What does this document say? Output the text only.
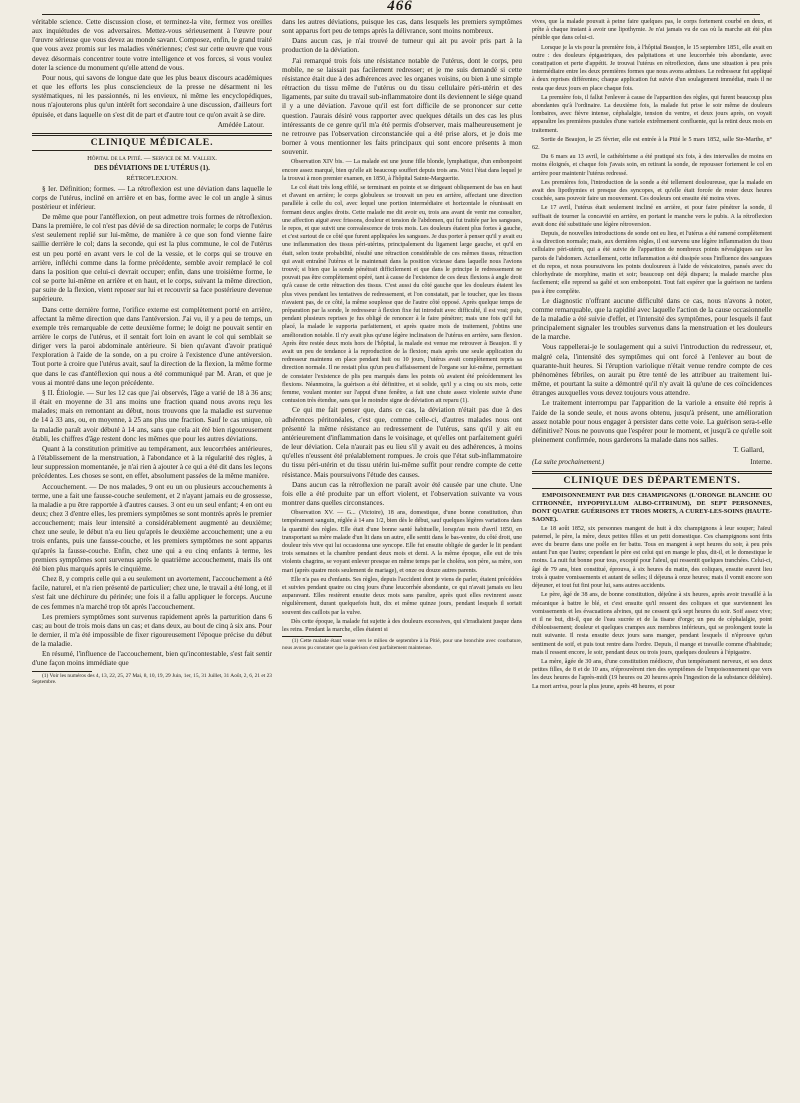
466

véritable science. Cette discussion close, et terminez-la vite, fermez vos oreilles aux inquiétudes de vos adversaires. Mettez-vous sérieusement à l'œuvre pour l'œuvre sérieuse que vous devez au monde savant. Composez, enfin, le grand traité que vous avez promis sur les maladies vénériennes; c'est sur cette œuvre que vous devez désormais concentrer toute votre intelligence et vos forces, si vous voulez doter la science du monument qu'elle attend de vous.

Pour nous, qui savons de longue date que les plus beaux discours académiques et que les efforts les plus consciencieux de la presse ne désarment ni les systématiques, ni les passionnés, ni les envieux, ni même les encyclopédiques, nous n'ajouterons plus qu'un intérêt fort secondaire à une discussion, d'ailleurs fort épuisée, et dans laquelle on s'est dit de part et d'autre tout ce qu'on avait à se dire.

Amédée Latour.
CLINIQUE MÉDICALE.
Hôpital de la Pitié. — Service de M. Valleix.
DES DÉVIATIONS DE L'UTÉRUS (1).
RÉTROFLEXION.

§ Ier. Définition; formes. — La rétroflexion est une déviation dans laquelle le corps de l'utérus, incliné en arrière et en bas, forme avec le col un angle à sinus postérieur et inférieur.

De même que pour l'antéflexion, on peut admettre trois formes de rétroflexion. Dans la première, le col n'est pas dévié de sa direction normale; le corps de l'utérus s'est seulement replié sur lui-même, de manière à ce que son fond vienne faire saillie derrière le col; dans la seconde, qui est la plus commune, le col de l'utérus est un peu porté en avant vers le col de la vessie, et le corps qui se trouve en arrière, infléchi comme dans la forme précédente, semble avoir remplacé le col dans la position que celui-ci devrait occuper; enfin, dans une troisième forme, le col se porte lui-même en arrière et en haut, et le corps, suivant la même direction, par suite de la flexion, vient reposer sur lui et recouvrir sa face postérieure devenue supérieure.

Dans cette dernière forme, l'orifice externe est complètement porté en arrière, affectant la même direction que dans l'antéversion. J'ai vu, il y a peu de temps, un exemple très remarquable de cette deuxième forme; le doigt ne pouvait sentir en arrière le corps de l'utérus, et il sentait fort loin en avant le col qui semblait se diriger vers la paroi abdominale antérieure. Si bien qu'avant d'avoir pratiqué l'exploration à l'aide de la sonde, on a pu croire à l'existence d'une antéversion. Tout porte à croire que l'utérus avait, sauf la direction de la flexion, la même forme que dans le cas d'antéflexion qui nous a été communiqué par M. Aran, et que je vous ai montré dans une leçon précédente.

§ II. Étiologie. — Sur les 12 cas que j'ai observés, l'âge a varié de 18 à 36 ans; il était en moyenne de 31 ans moins une fraction quand nous avons reçu les malades; mais en remontant au début, nous trouvons que la maladie est survenue de 14 à 33 ans, ou, en moyenne, à 25 ans plus une fraction. Sauf le cas unique, où la maladie paraît avoir débuté à 14 ans, sans que cela ait été bien rigoureusement établi, les chiffres d'âge restent donc les mêmes que pour les autres déviations.

Quant à la constitution primitive au tempérament, aux leucorrhées antérieures, à l'établissement de la menstruation, à l'abondance et à la régularité des règles, à leur suppression momentanée, je n'ai rien à ajouter à ce qui a été dit dans les leçons précédentes. Les choses se sont, en effet, absolument passées de la même manière.

Accouchement. — De nos malades, 9 ont eu un ou plusieurs accouchements à terme, une a fait une fausse-couche seulement, et 2 n'ayant jamais eu de grossesse, la maladie a pu être rapportée à d'autres causes. 3 ont eu un seul enfant; 4 en ont eu deux; chez 3 d'entre elles, les premiers symptômes se sont montrés après le premier accouchement; mais leur intensité a considérablement augmenté au deuxième; chez une seule, le début n'a eu lieu qu'après le deuxième accouchement; une a eu trois enfants, puis une fausse-couche, et les premiers symptômes ne sont apparus qu'après la fausse-couche. Enfin, chez une qui a eu cinq enfants à terme, les premiers symptômes sont survenus après le quatrième accouchement, mais ils ont été bien plus marqués après le cinquième.

Chez 8, y compris celle qui a eu seulement un avortement, l'accouchement a été facile, naturel, et n'a rien présenté de particulier; chez une, le travail a été long, et il s'est fait une déchirure du périnée; une fois il a fallu appliquer le forceps. Aucune de ces femmes n'a marché trop tôt après l'accouchement.

Les premiers symptômes sont survenus rapidement après la parturition dans 6 cas; au bout de trois mois dans un cas; et dans deux, au bout de cinq à six ans. Pour le dernier, il m'a été impossible de fixer rigoureusement l'époque précise du début de la maladie.

En résumé, l'influence de l'accouchement, bien qu'incontestable, s'est fait sentir d'une façon moins immédiate que

(1) Voir les numéros des 4, 13, 22, 25, 27 Mai, 8, 10, 19, 29 Juin, 1er, 15, 31 Juillet, 31 Août, 2, 6, 21 et 23 Septembre.

dans les autres déviations, puisque les cas, dans lesquels les premiers symptômes sont apparus fort peu de temps après la délivrance, sont moins nombreux.

Dans aucun cas, je n'ai trouvé de tumeur qui ait pu avoir pris part à la production de la déviation.

J'ai remarqué trois fois une résistance notable de l'utérus, dont le corps, peu mobile, ne se laissait pas facilement redresser; et je me suis demandé si cette résistance était due à des adhérences avec les organes voisins, ou bien à une simple rétraction du tissu même de l'utérus ou du tissu cellulaire péri-utérin et des ligaments, par suite du travail sub-inflammatoire dont ils deviennent le siége quand il y a une déviation. J'avoue qu'il est fort difficile de se prononcer sur cette question. J'aurais désiré vous rapporter avec quelques détails un des cas les plus intéressants de ce genre qu'il m'a été permis d'observer, mais malheureusement je ne retrouve pas l'observation circonstanciée qui a été prise alors, et je dois me borner à vous mentionner les faits principaux qui sont encore présents à mon souvenir.

Observation XIV bis. — La malade est une jeune fille blonde, lymphatique, d'un embonpoint encore assez marqué, bien qu'elle ait beaucoup souffert depuis trois ans. Voici l'état dans lequel je la trouvai à mon premier examen, en 1850, à l'hôpital Sainte-Marguerite.

Le col était très long effilé, se terminant en pointe et se dirigeant obliquement de bas en haut et d'avant en arrière; le corps globuleux se trouvait un peu en arrière, affectant une direction parallèle à celle du col, avec lequel une portion intermédiaire et horizontale le réunissait en formant deux angles droits. Cette malade me dit avoir eu, trois ans avant de venir me consulter, une affection aiguë avec frissons, douleur et tension de l'abdomen, qui fut traitée par les sangsues, le repos, et que suivit une convalescence de trois mois. Les douleurs étaient plus fortes à gauche, et c'est surtout de ce côté que furent appliquées les sangsues. Je dus porter à penser qu'il y avait eu une inflammation des tissus péri-utérins, principalement du ligament large gauche, et qu'il en était, selon toute probabilité, résulté une rétraction considérable de ces mêmes tissus, rétraction qui avait entraîné l'utérus et le maintenait dans la position vicieuse dans laquelle nous l'avions trouvé; si bien que la sonde pénétrait difficilement et que dans le principe le redressement ne pouvait pas être complètement opéré, tant à cause de l'existence de ces deux flexions à angle droit qu'à cause de cette rétraction des tissus. C'est aussi du côté gauche que les douleurs étaient les plus vives pendant les tentatives de redressement, et l'on constatait, par le toucher, que les tissus n'avaient pas, de ce côté, la même souplesse que de l'autre côté opposé. Après quelque temps de préparation par la sonde, le redresseur à flexion fixe fut introduit avec difficulté, il est vrai; puis, pendant plusieurs reprises je fus obligé de renoncer à le faire pénétrer; mais une fois qu'il fut placé, la malade le supporta parfaitement, et après quatre mois de traitement, j'obtins une amélioration notable. Il n'y avait plus qu'une légère inclinaison de l'utérus en arrière, sans flexion. Après être restée deux mois hors de l'hôpital, la malade est venue me retrouver à Beaujon. Il y avait un peu de tendance à la reproduction de la flexion; mais après une seule application du redresseur maintenu en place pendant huit ou 10 jours, l'utérus avait complètement repris sa direction normale. Il ne restait plus qu'un peu d'affaissement de l'organe sur lui-même, permettant de constater l'existence de plis peu marqués dans les points où avaient été précédemment les flexions. Néanmoins, la guérison a été définitive, et si solide, qu'il y a cinq ou six mois, cette femme, voulant monter sur l'appui d'une fenêtre, a fait une chute assez violente suivie d'une contusion très étendue, sans que le moindre signe de déviation ait reparu (1).

Ce qui me fait penser que, dans ce cas, la déviation n'était pas due à des adhérences péritonéales, c'est que, comme celle-ci, d'autres malades nous ont présenté la même résistance au redressement de l'utérus, sans qu'il y ait eu antérieurement d'inflammation dans le voisinage, et qu'elles ont parfaitement guéri de leur déviation. Cela n'aurait pas eu lieu s'il y avait eu des adhérences, à moins qu'elles n'eussent été préalablement rompues. Je crois que l'état sub-inflammatoire du tissu péri-utérin et du tissu utérin lui-même suffit pour rendre compte de cette résistance. Mais poursuivons l'étude des causes.

Dans aucun cas la rétroflexion ne paraît avoir été causée par une chute. Une fois elle a été produite par un effort violent, et l'observation suivante va vous montrer dans quelles circonstances.

Observation XV. — G... (Victoire), 18 ans, domestique, d'une bonne constitution, d'un tempérament sanguin, réglée à 14 ans 1/2, bien dès le début, sauf quelques légères variations dans la quantité des règles. Elle était d'une bonne santé habituelle, lorsqu'au mois d'avril 1850, en transportant sa mère malade d'un lit dans un autre, elle sentit dans le bas-ventre, du côté droit, une douleur très vive qui lui occasionna une syncope. Elle fut ensuite obligée de garder le lit pendant trois semaines et la chambre pendant deux mois et demi. A la même époque, elle eut de très violents chagrins, se voyant enlever presque en même temps par le choléra, son père, sa mère, son mari (après quatre mois seulement de mariage), et onze ou douze autres parents.

Elle n'a pas eu d'enfants. Ses règles, depuis l'accident dont je viens de parler, étaient précédées et suivies pendant quatre ou cinq jours d'une leucorrhée abondante, ce qui n'avait jamais eu lieu auparavant. Elles restèrent ensuite deux mois sans paraître, après quoi elles revinrent assez régulièrement, durant quelquefois huit, dix et même quinze jours, pendant lesquels il sortait souvent des caillots par la vulve.

Dès cette époque, la malade fut sujette à des douleurs excessives, qui s'irradiaient jusque dans les reins. Pendant la marche, elles étaient si

(1) Cette malade étant venue vers le milieu de septembre à la Pitié, pour une bronchite avec courbature, nous avons pu constater que la guérison s'est parfaitement maintenue.

vives, que la malade pouvait à peine faire quelques pas, le corps fortement courbé en deux, et prête à chaque instant à avoir une lipothymie. Je n'ai jamais vu de cas où la marche ait été plus pénible que dans celui-ci.

Lorsque je la vis pour la première fois, à l'hôpital Beaujon, le 15 septembre 1851, elle avait en outre : des douleurs épigastriques, des palpitations et une leucorrhée très abondante, avec constipation et perte d'appétit. Je trouvai l'utérus en rétroflexion, dans une situation à peu près intermédiaire entre les deux premières formes que nous avons admises. Le redresseur fut appliqué à deux reprises différentes; chaque application fut suivie d'un soulagement immédiat, mais il ne resta que deux jours en place chaque fois.

La première fois, il fallut l'enlever à cause de l'apparition des règles, qui furent beaucoup plus abondantes qu'à l'ordinaire. La deuxième fois, la malade fut prise le soir même de douleurs lombaires, avec fièvre intense, céphalalgie, tension du ventre, et deux jours après, on voyait apparaître les premières pustules d'une variole extrêmement confluente, qui la retint deux mois en traitement.

Sortie de Beaujon, le 25 février, elle est entrée à la Pitié le 5 mars 1852, salle Ste-Marthe, n° 62.

Du 6 mars au 13 avril, le cathétérisme a été pratiqué six fois, à des intervalles de moins en moins éloignés, et chaque fois j'avais soin, en retirant la sonde, de repousser fortement le col en arrière pour maintenir l'utérus redressé.

Les premières fois, l'introduction de la sonde a été tellement douloureuse, que la malade en avait des lipothymies et presque des syncopes, et qu'elle était forcée de rester deux heures couchée, sans pouvoir faire un mouvement. Ces douleurs ont ensuite été moins vives.

Le 17 avril, l'utérus était seulement incliné en arrière, et pour faire pénétrer la sonde, il suffisait de tourner la concavité en arrière, en portant le manche vers le pubis. A la rétroflexion avait donc été substituée une légère rétroversion.

Depuis, de nouvelles introductions de sonde ont eu lieu, et l'utérus a été ramené complètement à sa direction normale; mais, aux dernières règles, il est survenu une légère inflammation du tissu cellulaire péri-utérin, qui a été suivie de l'apparition de nombreux points névralgiques sur les parois de l'abdomen. Actuellement, cette inflammation a été dissipée sous l'influence des sangsues et du repos, et nous poursuivons les points douloureux à l'aide de vésicatoires, pansés avec du chlorhydrate de morphine, matin et soir; beaucoup ont déjà disparu; la malade marche plus facilement; elle reprend sa gaîté et son embonpoint. Tout fait espérer que la guérison ne tardera pas à être complète.

Le diagnostic n'offrant aucune difficulté dans ce cas, nous n'avons à noter, comme remarquable, que la rapidité avec laquelle l'action de la cause occasionnelle de la maladie a été suivie d'effet, et l'intensité des symptômes, pour lesquels il faut principalement signaler les troubles survenus dans la menstruation et les douleurs de la marche.

Vous rappellerai-je le soulagement qui a suivi l'introduction du redresseur, et, malgré cela, l'intensité des symptômes qui ont forcé à l'enlever au bout de quarante-huit heures. Si l'éruption variolique n'était venue rendre compte de ces phénomènes fébriles, on aurait pu être tenté de les attribuer au traitement lui-même, et pourtant la suite a démontré qu'il n'y avait là qu'une de ces coïncidences étranges auxquelles vous devez toujours vous attendre.

Le traitement interrompu par l'apparition de la variole a ensuite été repris à l'aide de la sonde seule, et nous avons obtenu, jusqu'à présent, une amélioration assez notable pour nous engager à persister dans cette voie. La guérison sera-t-elle définitive? Nous ne pouvons que l'espérer pour le moment, et jusqu'à ce qu'elle soit pleinement confirmée, nous garderons la malade dans nos salles.

T. Gallard,
(La suite prochainement.)	Interne.
CLINIQUE DES DÉPARTEMENTS.

EMPOISONNEMENT PAR DES CHAMPIGNONS (L'ORONGE BLANCHE OU CITRONNÉE, HYPOPHYLLUM ALBO-CITRINUM), DE SEPT PERSONNES, DONT QUATRE GUÉRISONS ET TROIS MORTS, A CUREY-LES-SOINS (HAUTE-SAONE).

Le 18 août 1852, six personnes mangent de huit à dix champignons à leur souper; l'aïeul paternel, le père, la mère, deux petites filles et un petit domestique. Ces champignons sont frits avec du beurre dans une poêle en fer battu. Tous en mangent à sept heures du soir, à peu près autant l'un que l'autre; cependant le père est celui qui en mange le plus, dit-il, et le domestique le moins. La nuit fut bonne pour tous, excepté pour l'aïeul, qui ressentit quelques tranchées. Celui-ci, âgé de 79 ans, bien constitué, éprouva, à six heures du matin, des coliques, ensuite eurent lieu trois à quatre vomissements et autant de selles; il déjeuna à onze heures; mais il vomit encore son déjeuner, et tout fut fini pour lui, sans autres accidents.

Le père, âgé de 38 ans, de bonne constitution, déjeûne à six heures, après avoir travaillé à la mécanique à battre le blé, et c'est ensuite qu'il ressent des coliques et que surviennent les vomissements et les évacuations alvines, qui ne cessent qu'à sept heures du soir. Soif assez vive; et il ne but, dit-il, que de l'eau sucrée et de la tisane d'orge; un peu de céphalalgie, point d'éblouissement; douleur et quelques crampes aux membres inférieurs, qui se prolongent toute la nuit suivante. Il resta ensuite deux jours sans manger, pendant lesquels il n'éprouve qu'un sentiment de soif, et puis tout rentre dans l'ordre. Depuis, il mange et travaille comme d'habitude; mais il ressent encore, le soir, pendant deux ou trois jours, quelques douleurs à l'épigastre.

La mère, âgée de 30 ans, d'une constitution médiocre, d'un tempérament nerveux, et ses deux petites filles, de 8 et de 10 ans, n'éprouvèrent rien des symptômes de l'empoisonnement que vers les deux heures de l'après-midi (19 heures ou 20 heures après l'ingestion de la substance délétère). La mort arriva, pour la plus jeune, après 48 heures, et pour
